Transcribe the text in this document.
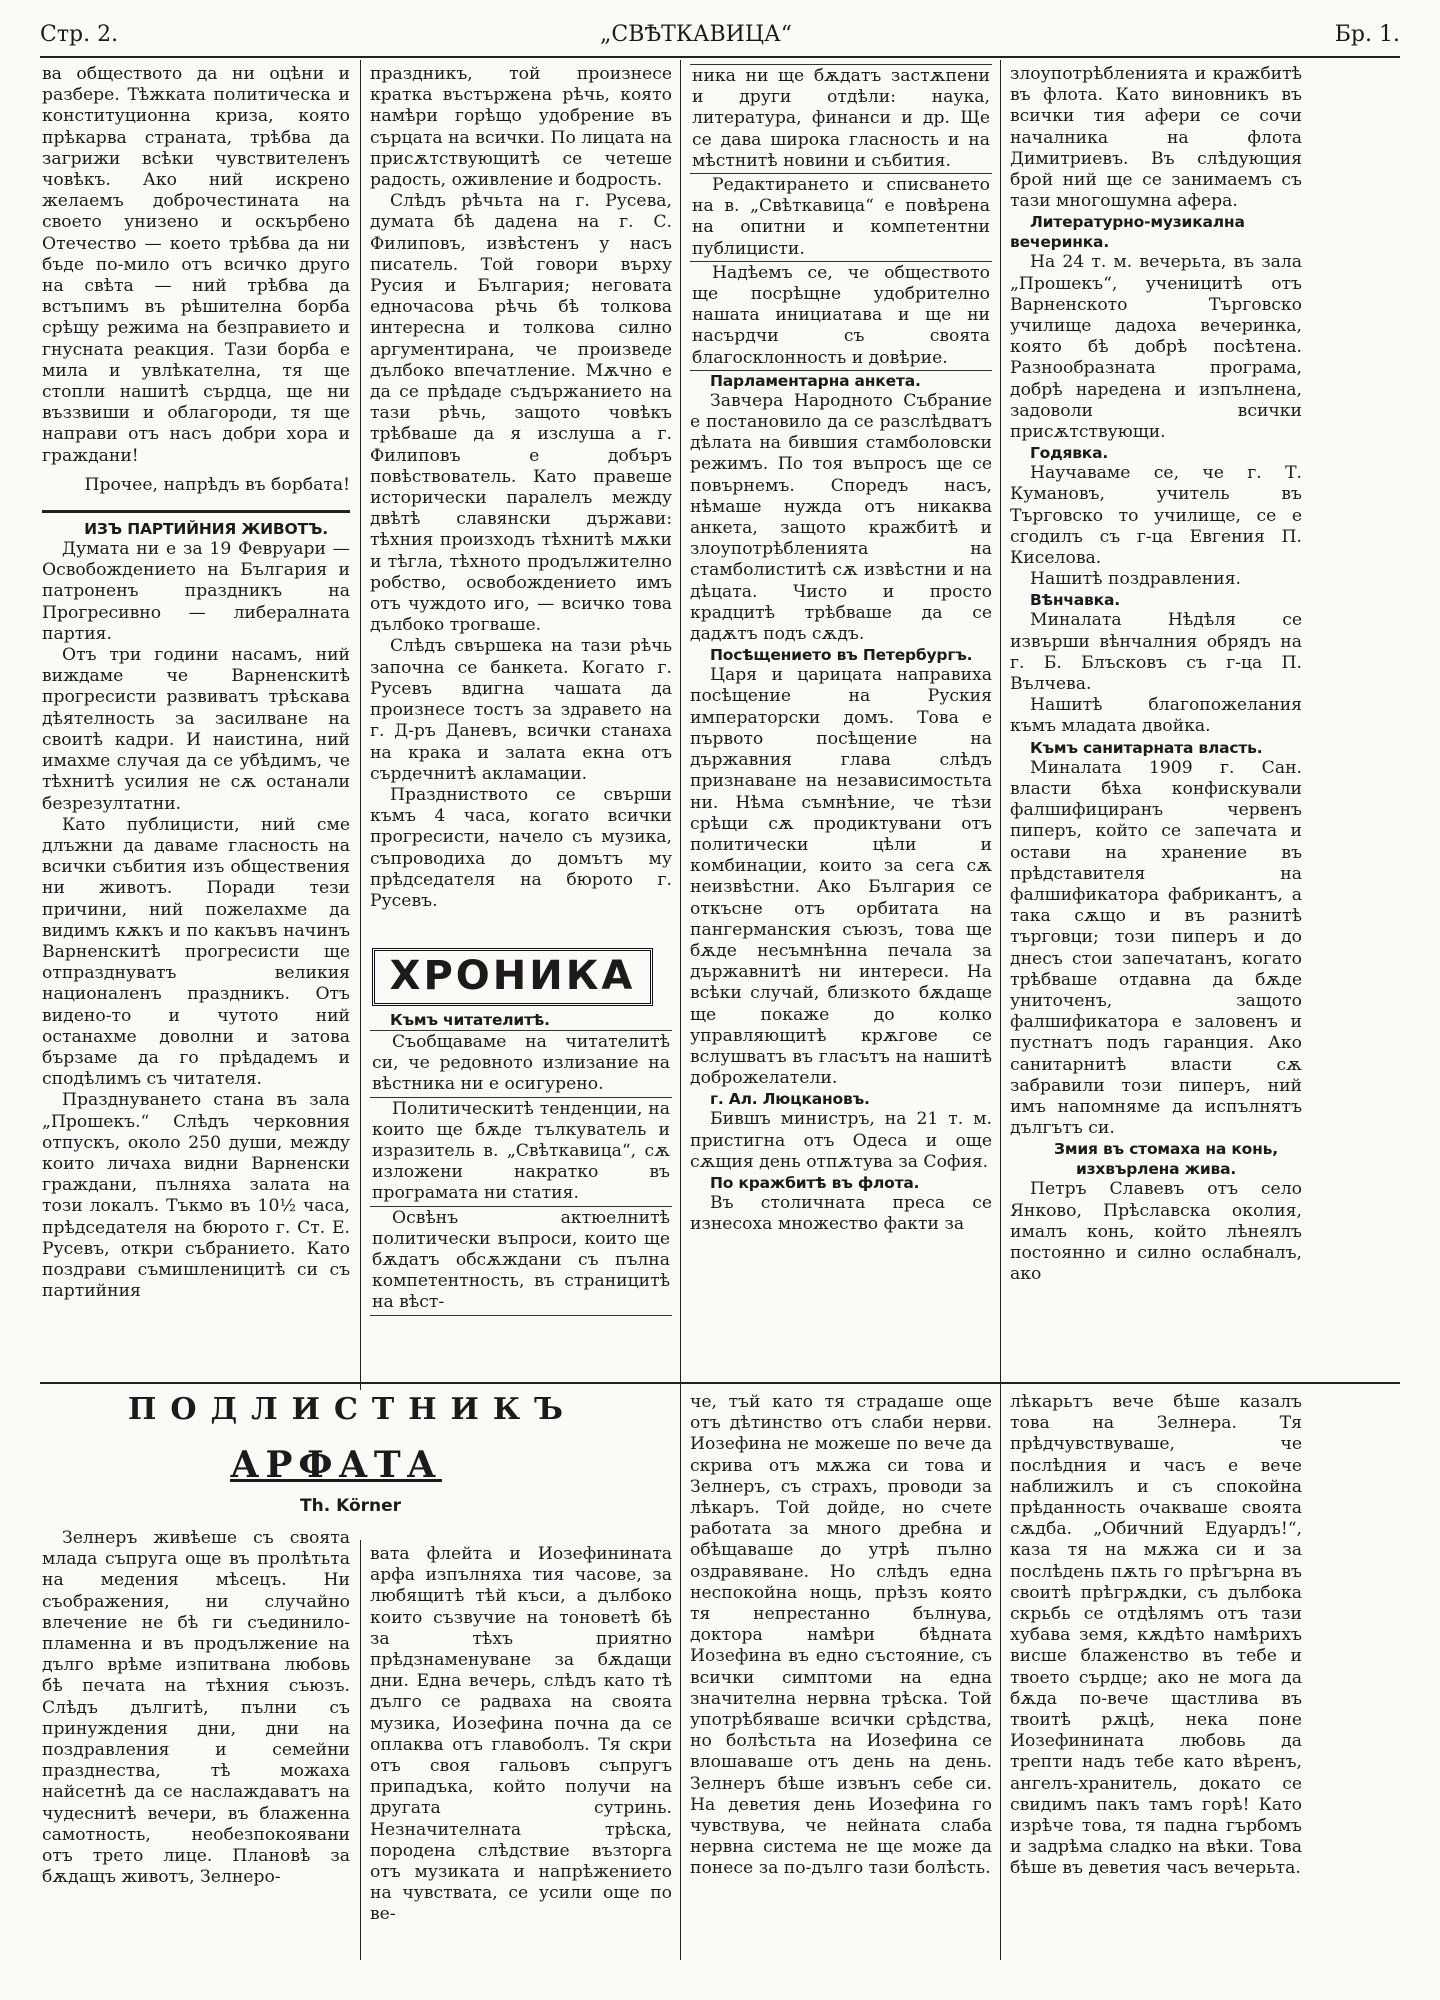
Стр. 2.	„СВѢТКАВИЦА“	Бр. 1.

ва обществото да ни оцѣни и разбере. Тѣжката политическа и конституционна криза, която прѣкарва страната, трѣбва да загрижи всѣки чувствителенъ човѣкъ. Ако ний искрено желаемъ доброчестината на своето унизено и оскърбено Отечество — което трѣбва да ни бъде по-мило отъ всичко друго на свѣта — ний трѣбва да встъпимъ въ рѣшителна борба срѣщу режима на безправието и гнусната реакция. Тази борба е мила и увлѣкателна, тя ще стопли нашитѣ сърдца, ще ни въззвиши и облагороди, тя ще направи отъ насъ добри хора и граждани!

Прочее, напрѣдъ въ борбата!

ИЗЪ ПАРТИЙНИЯ ЖИВОТЪ.

Думата ни е за 19 Февруари — Освобождението на България и патроненъ праздникъ на Прогресивно — либералната партия.

Отъ три години насамъ, ний виждаме че Варненскитѣ прогресисти развиватъ трѣскава дѣятелность за засилване на своитѣ кадри. И наистина, ний имахме случая да се убѣдимъ, че тѣхнитѣ усилия не сѫ останали безрезултатни.

Като публицисти, ний сме длъжни да даваме гласность на всички събития изъ обществения ни животъ. Поради тези причини, ний пожелахме да видимъ кѫкъ и по какъвъ начинъ Варненскитѣ прогресисти ще отпразднуватъ великия националенъ праздникъ. Отъ видено-то и чутото ний останахме доволни и затова бързаме да го прѣдадемъ и сподѣлимъ съ читателя.

Празднуването стана въ зала „Прошекъ.“ Слѣдъ черковния отпускъ, около 250 души, между които личаха видни Варненски граждани, пълняха залата на този локалъ. Тъкмо въ 10½ часа, прѣдседателя на бюрото г. Ст. Е. Русевъ, откри събранието. Като поздрави съмишленицитѣ си съ партийния

праздникъ, той произнесе кратка въстържена рѣчь, която намѣри горѣщо удобрение въ сърцата на всички. По лицата на присѫтствующитѣ се четеше радость, оживление и бодрость.

Слѣдъ рѣчьта на г. Русева, думата бѣ дадена на г. С. Филиповъ, извѣстенъ у насъ писатель. Той говори върху Русия и България; неговата едночасова рѣчь бѣ толкова интересна и толкова силно аргументирана, че произведе дълбоко впечатление. Мѫчно е да се прѣдаде съдържанието на тази рѣчь, защото човѣкъ трѣбваше да я изслуша а г. Филиповъ е добъръ повѣствователь. Като правеше исторически паралелъ между двѣтѣ славянски държави: тѣхния произходъ тѣхнитѣ мѫки и тѣгла, тѣхното продължително робство, освобождението имъ отъ чуждото иго, — всичко това дълбоко трогваше.

Слѣдъ свършека на тази рѣчь започна се банкета. Когато г. Русевъ вдигна чашата да произнесе тостъ за здравето на г. Д-ръ Даневъ, всички станаха на крака и залата екна отъ сърдечнитѣ акламации.

Праздниството се свърши къмъ 4 часа, когато всички прогресисти, начело съ музика, съпроводиха до домътъ му прѣдседателя на бюрото г. Русевъ.

ХРОНИКА

Къмъ читателитѣ.

Съобщаваме на читателитѣ си, че редовното излизание на вѣстника ни е осигурено.

Политическитѣ тенденции, на които ще бѫде тълкуватель и изразитель в. „Свѣткавица“, сѫ изложени накратко въ програмата ни статия.

Освѣнъ актюелнитѣ политически въпроси, които ще бѫдатъ обсѫждани съ пълна компетентность, въ страницитѣ на вѣст-

ника ни ще бѫдатъ застѫпени и други отдѣли: наука, литература, финанси и др. Ще се дава широка гласность и на мѣстнитѣ новини и събития.

Редактирането и списването на в. „Свѣткавица“ е повѣрена на опитни и компетентни публицисти.

Надѣемъ се, че обществото ще посрѣщне удобрително нашата инициатава и ще ни насърдчи съ своята благосклонность и довѣрие.

Парламентарна анкета.

Завчера Народното Събрание е постановило да се разслѣдватъ дѣлата на бившия стамболовски режимъ. По тоя въпросъ ще се повърнемъ. Споредъ насъ, нѣмаше нужда отъ никаква анкета, защото кражбитѣ и злоупотрѣбленията на стамболиститѣ сѫ извѣстни и на дѣцата. Чисто и просто крадцитѣ трѣбваше да се дадѫтъ подъ сѫдъ.

Посѣщението въ Петербургъ.

Царя и царицата направиха посѣщение на Руския императорски домъ. Това е първото посѣщение на държавния глава слѣдъ признаване на независимостьта ни. Нѣма съмнѣние, че тѣзи срѣщи сѫ продиктувани отъ политически цѣли и комбинации, които за сега сѫ неизвѣстни. Ако България се откъсне отъ орбитата на пангерманския съюзъ, това ще бѫде несъмнѣнна печала за държавнитѣ ни интереси. На всѣки случай, близкото бѫдаще ще покаже до колко управляющитѣ крѫгове се вслушватъ въ гласътъ на нашитѣ доброжелатели.

г. Ал. Люцкановъ.

Бившъ министръ, на 21 т. м. пристигна отъ Одеса и още сѫщия день отпѫтува за София.

По кражбитѣ въ флота.

Въ столичната преса се изнесоха множество факти за

злоупотрѣбленията и кражбитѣ въ флота. Като виновникъ въ всички тия афери се сочи началника на флота Димитриевъ. Въ слѣдующия брой ний ще се занимаемъ съ тази многошумна афера.

Литературно-музикална вечеринка.

На 24 т. м. вечерьта, въ зала „Прошекъ“, ученицитѣ отъ Варненското Търговско училище дадоха вечеринка, която бѣ добрѣ посѣтена. Разнообразната програма, добрѣ наредена и изпълнена, задоволи всички присѫтствующи.

Годявка.

Научаваме се, че г. Т. Кумановъ, учитель въ Търговско то училище, се е сгодилъ съ г-ца Евгения П. Киселова.

Нашитѣ поздравления.

Вѣнчавка.

Миналата Нѣдѣля се извърши вѣнчалния обрядъ на г. Б. Блъсковъ съ г-ца П. Вълчева.

Нашитѣ благопожелания къмъ младата двойка.

Къмъ санитарната власть.

Миналата 1909 г. Сан. власти бѣха конфискували фалшифициранъ червенъ пиперъ, който се запечата и остави на хранение въ прѣдставителя на фалшификатора фабрикантъ, а така сѫщо и въ разнитѣ търговци; този пиперъ и до днесъ стои запечатанъ, когато трѣбваше отдавна да бѫде униточенъ, защото фалшификатора е заловенъ и пустнатъ подъ гаранция. Ако санитарнитѣ власти сѫ забравили този пиперъ, ний имъ напомняме да испълнятъ дългътъ си.

Змия въ стомаха на конь, изхвърлена жива.

Петръ Славевъ отъ село Янково, Прѣславска околия, ималъ конь, който лѣнеялъ постоянно и силно ослабналъ, ако

ПОДЛИСТНИКЪ
АРФАТА
Th. Körner

Зелнеръ живѣеше съ своята млада съпруга още въ пролѣтьта на медения мѣсецъ. Ни съображения, ни случайно влечение не бѣ ги съединило-пламенна и въ продължение на дълго врѣме изпитвана любовь бѣ печата на тѣхния съюзъ. Слѣдъ дългитѣ, пълни съ принуждения дни, дни на поздравления и семейни празднества, тѣ можаха найсетнѣ да се наслаждаватъ на чудеснитѣ вечери, въ блаженна самотность, необезпокоявани отъ трето лице. Плановѣ за бѫдащъ животъ, Зелнеро-

вата флейта и Иозефинината арфа изпълняха тия часове, за любящитѣ тѣй къси, а дълбоко които съзвучие на тоноветѣ бѣ за тѣхъ приятно прѣдзнаменуване за бѫдащи дни. Една вечерь, слѣдъ като тѣ дълго се радваха на своята музика, Иозефина почна да се оплаква отъ главоболъ. Тя скри отъ своя гальовъ съпругъ припадъка, който получи на другата сутринь. Незначителната трѣска, породена слѣдствие възторга отъ музиката и напрѣжението на чувствата, се усили още по ве-

че, тъй като тя страдаше още отъ дѣтинство отъ слаби нерви. Иозефина не можеше по вече да скрива отъ мѫжа си това и Зелнеръ, съ страхъ, проводи за лѣкаръ. Той дойде, но счете работата за много дребна и обѣщаваше до утрѣ пълно оздравяване. Но слѣдъ една неспокойна нощь, прѣзъ която тя непрестанно бълнува, доктора намѣри бѣдната Иозефина въ едно състояние, съ всички симптоми на една значителна нервна трѣска. Той употрѣбяваше всички срѣдства, но болѣстьта на Иозефина се влошаваше отъ день на день. Зелнеръ бѣше извънъ себе си. На деветия день Иозефина го чувствува, че нейната слаба нервна система не ще може да понесе за по-дълго тази болѣсть.

лѣкарьтъ вече бѣше казалъ това на Зелнера. Тя прѣдчувствуваше, че послѣдния и часъ е вече наближилъ и съ спокойна прѣданность очакваше своята сѫдба. „Обичний Едуардъ!“, каза тя на мѫжа си и за послѣдень пѫть го прѣгърна въ своитѣ прѣгрѫдки, съ дълбока скрьбь се отдѣлямъ отъ тази хубава земя, кѫдѣто намѣрихъ висше блаженство въ тебе и твоето сърдце; ако не мога да бѫда по-вече щастлива въ твоитѣ рѫцѣ, нека поне Иозефинината любовь да трепти надъ тебе като вѣренъ, ангелъ-хранитель, докато се свидимъ пакъ тамъ горѣ! Като изрѣче това, тя падна гърбомъ и задрѣма сладко на вѣки. Това бѣше въ деветия часъ вечерьта.
